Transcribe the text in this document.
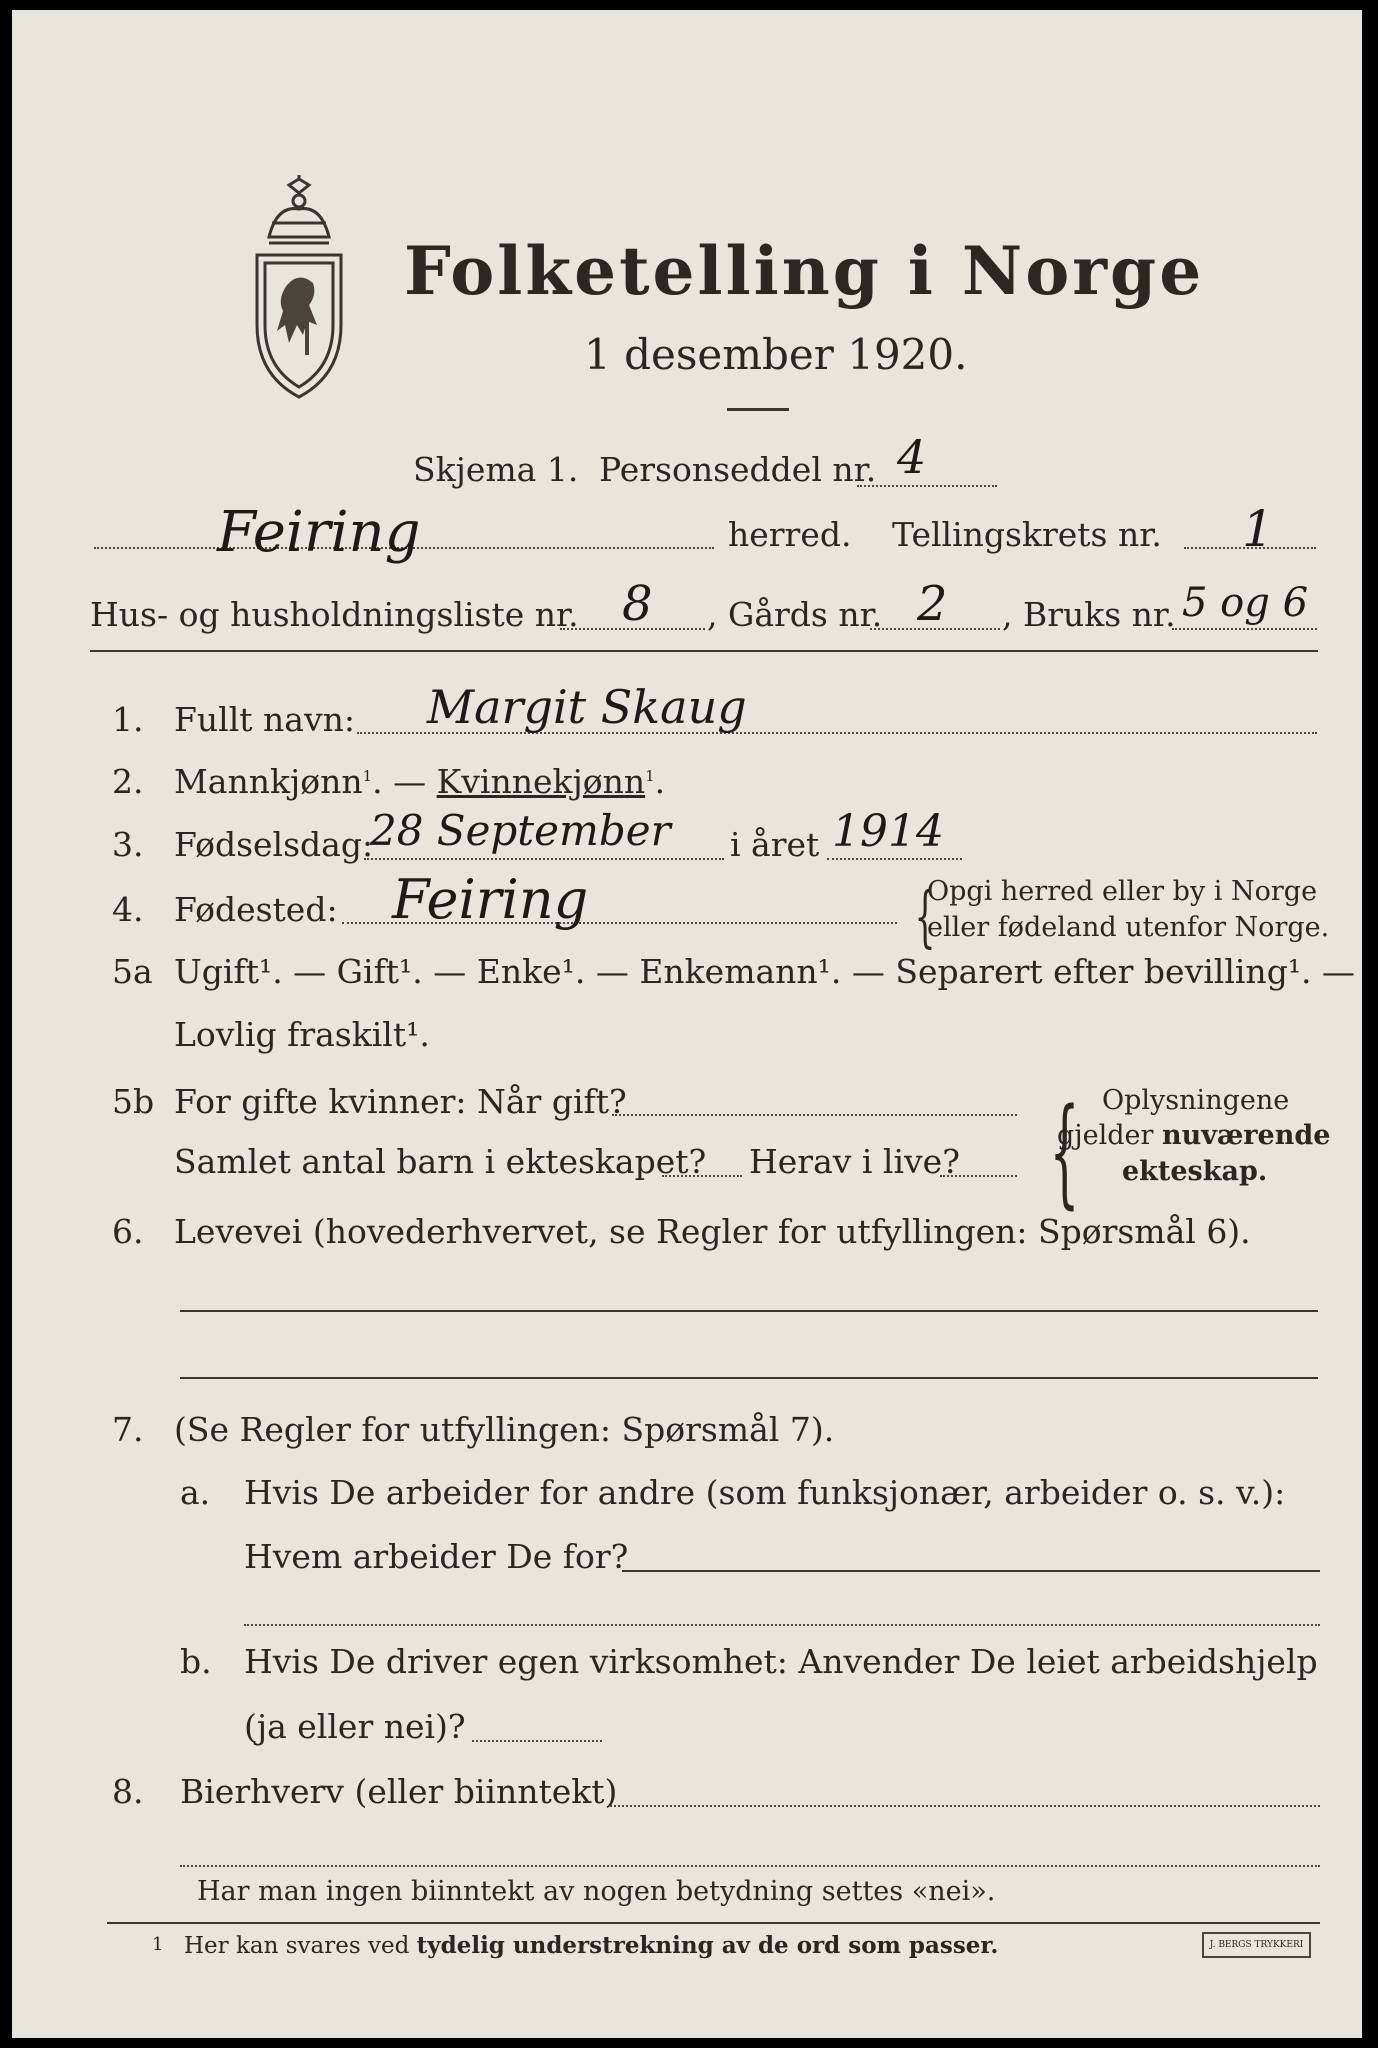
Folketelling i Norge
1 desember 1920.
Skjema 1. Personseddel nr. 4
Feiring	herred. Tellingskrets nr. 1
Hus- og husholdningsliste nr. 8 , Gårds nr. 2 , Bruks nr. 5 og 6
1. Fullt navn: Margit Skaug
2. Mannkjønn$^1$. — Kvinnekjønn$^1$.
3. Fødselsdag:
28 September i året 1914
4. Fødested: Feiring	{
Opgi herred eller by i Norge
eller fødeland utenfor Norge.
5a Ugift¹. — Gift¹. — Enke¹. — Enkemann¹. — Separert efter bevilling¹. —
Lovlig fraskilt¹.
5b For gifte kvinner: Når gift?
Samlet antal barn i ekteskapet? Herav i live? { Oplysningene
gjelder nuværende
ekteskap.
6. Levevei (hovederhvervet, se Regler for utfyllingen: Spørsmål 6).
7. (Se Regler for utfyllingen: Spørsmål 7).
a. Hvis De arbeider for andre (som funksjonær, arbeider o. s. v.):
Hvem arbeider De for?
b. Hvis De driver egen virksomhet: Anvender De leiet arbeidshjelp
(ja eller nei)?
8. Bierhverv (eller biinntekt)
Har man ingen biinntekt av nogen betydning settes «nei».
1 Her kan svares ved tydelig understrekning av de ord som passer.	J. BERGS TRYKKERI
